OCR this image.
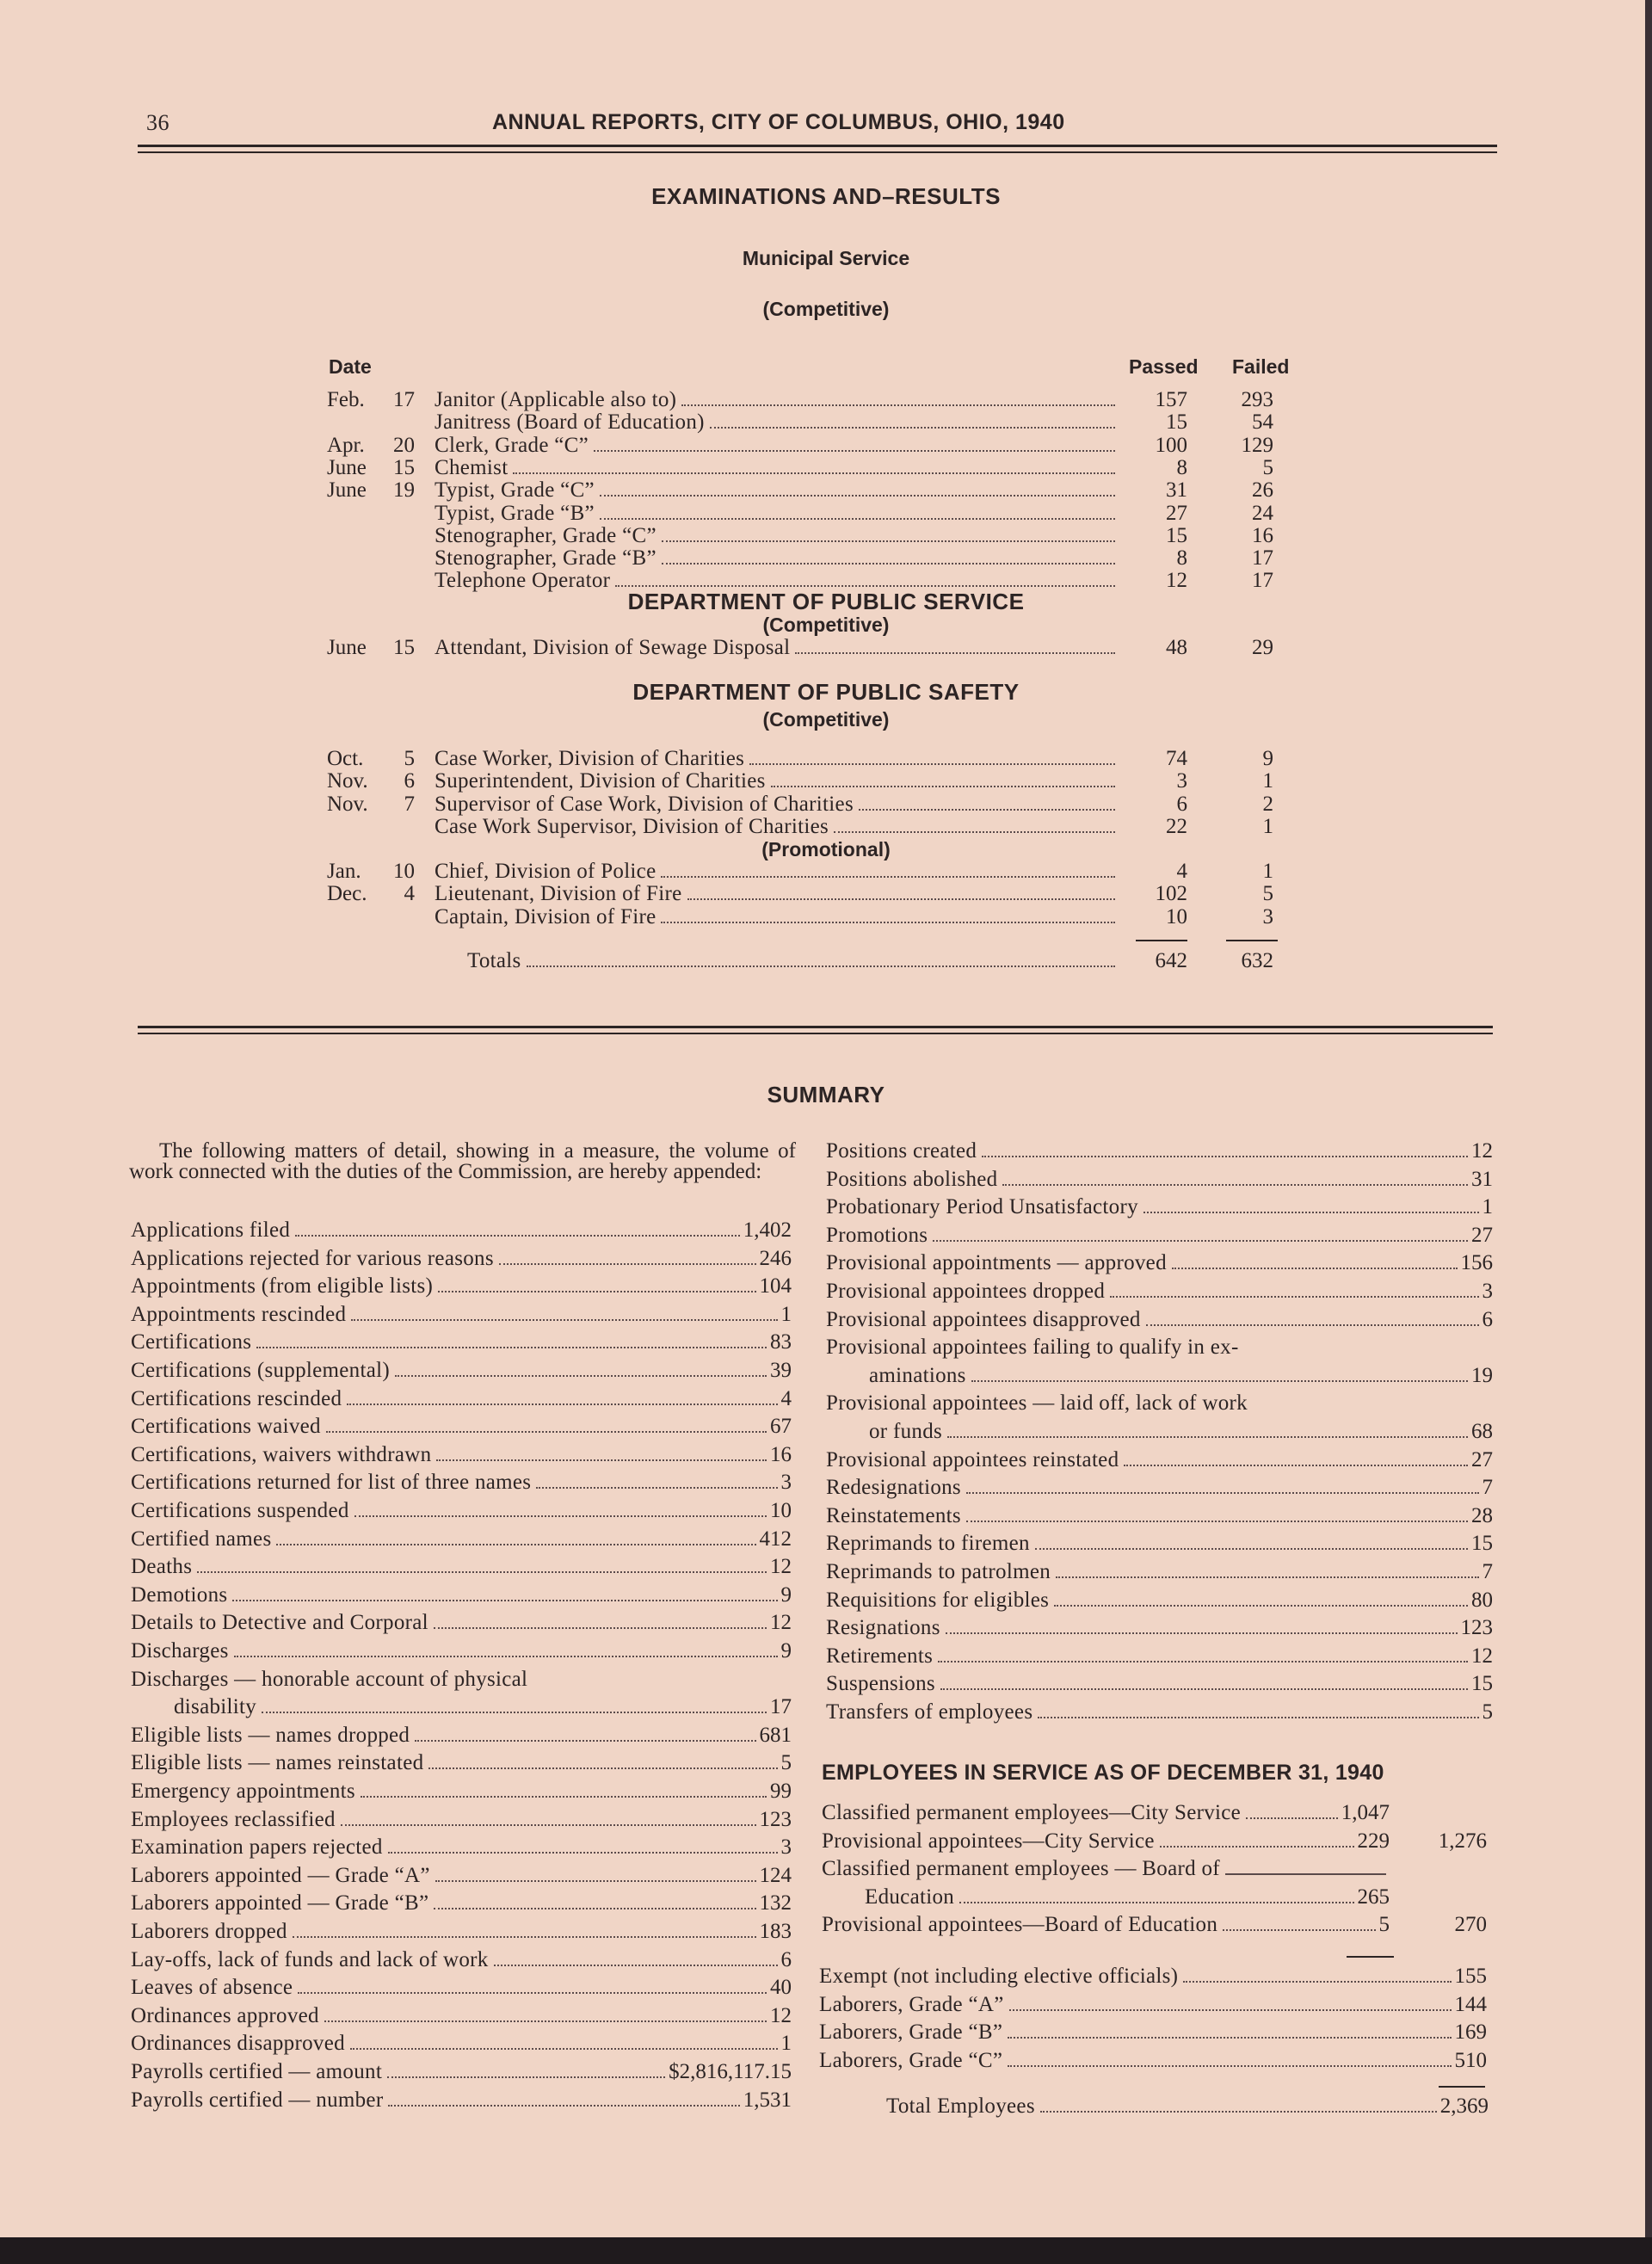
36	ANNUAL REPORTS, CITY OF COLUMBUS, OHIO, 1940
EXAMINATIONS AND–RESULTS
Municipal Service
(Competitive)
Date	Passed Failed
Feb.	17 Janitor (Applicable also to)	157	293
Janitress (Board of Education)	15	54
Apr.	20 Clerk, Grade “C”	100	129
June	15 Chemist	8	5
June	19 Typist, Grade “C”	31	26
Typist, Grade “B”	27	24
Stenographer, Grade “C”	15	16
Stenographer, Grade “B”	8	17
Telephone Operator	12	17
DEPARTMENT OF PUBLIC SERVICE
(Competitive)
June	15 Attendant, Division of Sewage Disposal	48	29
DEPARTMENT OF PUBLIC SAFETY
(Competitive)
Oct.	5 Case Worker, Division of Charities	74	9
Nov.	6 Superintendent, Division of Charities	3	1
Nov.	7 Supervisor of Case Work, Division of Charities	6	2
Case Work Supervisor, Division of Charities	22	1
(Promotional)
Jan.	10 Chief, Division of Police	4	1
Dec.	4 Lieutenant, Division of Fire	102	5
Captain, Division of Fire	10	3
Totals	642	632
SUMMARY
The following matters of detail, showing in a measure, the volume of work connected with the duties of the Commission, are hereby appended:
Applications filed	1,402
Applications rejected for various reasons	246
Appointments (from eligible lists)	104
Appointments rescinded	1
Certifications	83
Certifications (supplemental)	39
Certifications rescinded	4
Certifications waived	67
Certifications, waivers withdrawn	16
Certifications returned for list of three names	3
Certifications suspended	10
Certified names	412
Deaths	12
Demotions	9
Details to Detective and Corporal	12
Discharges	9
Discharges — honorable account of physical
disability	17
Eligible lists — names dropped	681
Eligible lists — names reinstated	5
Emergency appointments	99
Employees reclassified	123
Examination papers rejected	3
Laborers appointed — Grade “A”	124
Laborers appointed — Grade “B”	132
Laborers dropped	183
Lay-offs, lack of funds and lack of work	6
Leaves of absence	40
Ordinances approved	12
Ordinances disapproved	1
Payrolls certified — amount	$2,816,117.15
Payrolls certified — number	1,531
Positions created	12
Positions abolished	31
Probationary Period Unsatisfactory	1
Promotions	27
Provisional appointments — approved	156
Provisional appointees dropped	3
Provisional appointees disapproved	6
Provisional appointees failing to qualify in ex-
aminations	19
Provisional appointees — laid off, lack of work
or funds	68
Provisional appointees reinstated	27
Redesignations	7
Reinstatements	28
Reprimands to firemen	15
Reprimands to patrolmen	7
Requisitions for eligibles	80
Resignations	123
Retirements	12
Suspensions	15
Transfers of employees	5
EMPLOYEES IN SERVICE AS OF DECEMBER 31, 1940
Classified permanent employees—City Service	1,047
Provisional appointees—City Service	229	1,276
Classified permanent employees — Board of
Education	265
Provisional appointees—Board of Education	5	270
Exempt (not including elective officials)	155
Laborers, Grade “A”	144
Laborers, Grade “B”	169
Laborers, Grade “C”	510
Total Employees	2,369
